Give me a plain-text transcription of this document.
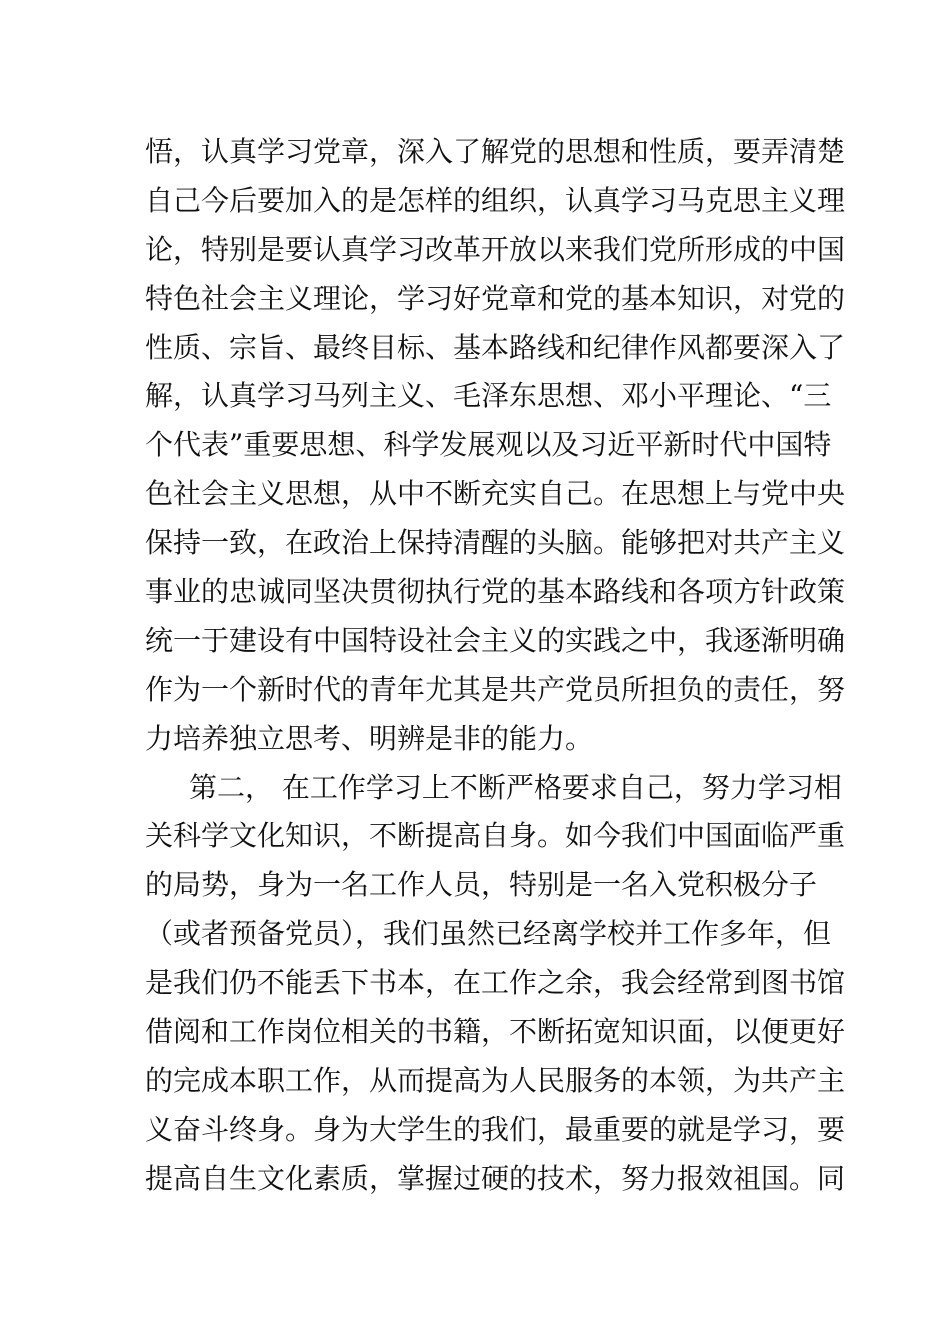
悟，认真学习党章，深入了解党的思想和性质，要弄清楚
自己今后要加入的是怎样的组织，认真学习马克思主义理
论，特别是要认真学习改革开放以来我们党所形成的中国
特色社会主义理论，学习好党章和党的基本知识，对党的
性质、宗旨、最终目标、基本路线和纪律作风都要深入了
解，认真学习马列主义、毛泽东思想、邓小平理论、“三
个代表”重要思想、科学发展观以及习近平新时代中国特
色社会主义思想，从中不断充实自己。在思想上与党中央
保持一致，在政治上保持清醒的头脑。能够把对共产主义
事业的忠诚同坚决贯彻执行党的基本路线和各项方针政策
统一于建设有中国特设社会主义的实践之中，我逐渐明确
作为一个新时代的青年尤其是共产党员所担负的责任，努
力培养独立思考、明辨是非的能力。
第二， 在工作学习上不断严格要求自己，努力学习相
关科学文化知识，不断提高自身。如今我们中国面临严重
的局势，身为一名工作人员，特别是一名入党积极分子
（或者预备党员），我们虽然已经离学校并工作多年，但
是我们仍不能丢下书本，在工作之余，我会经常到图书馆
借阅和工作岗位相关的书籍，不断拓宽知识面，以便更好
的完成本职工作，从而提高为人民服务的本领，为共产主
义奋斗终身。身为大学生的我们，最重要的就是学习，要
提高自生文化素质，掌握过硬的技术，努力报效祖国。同
